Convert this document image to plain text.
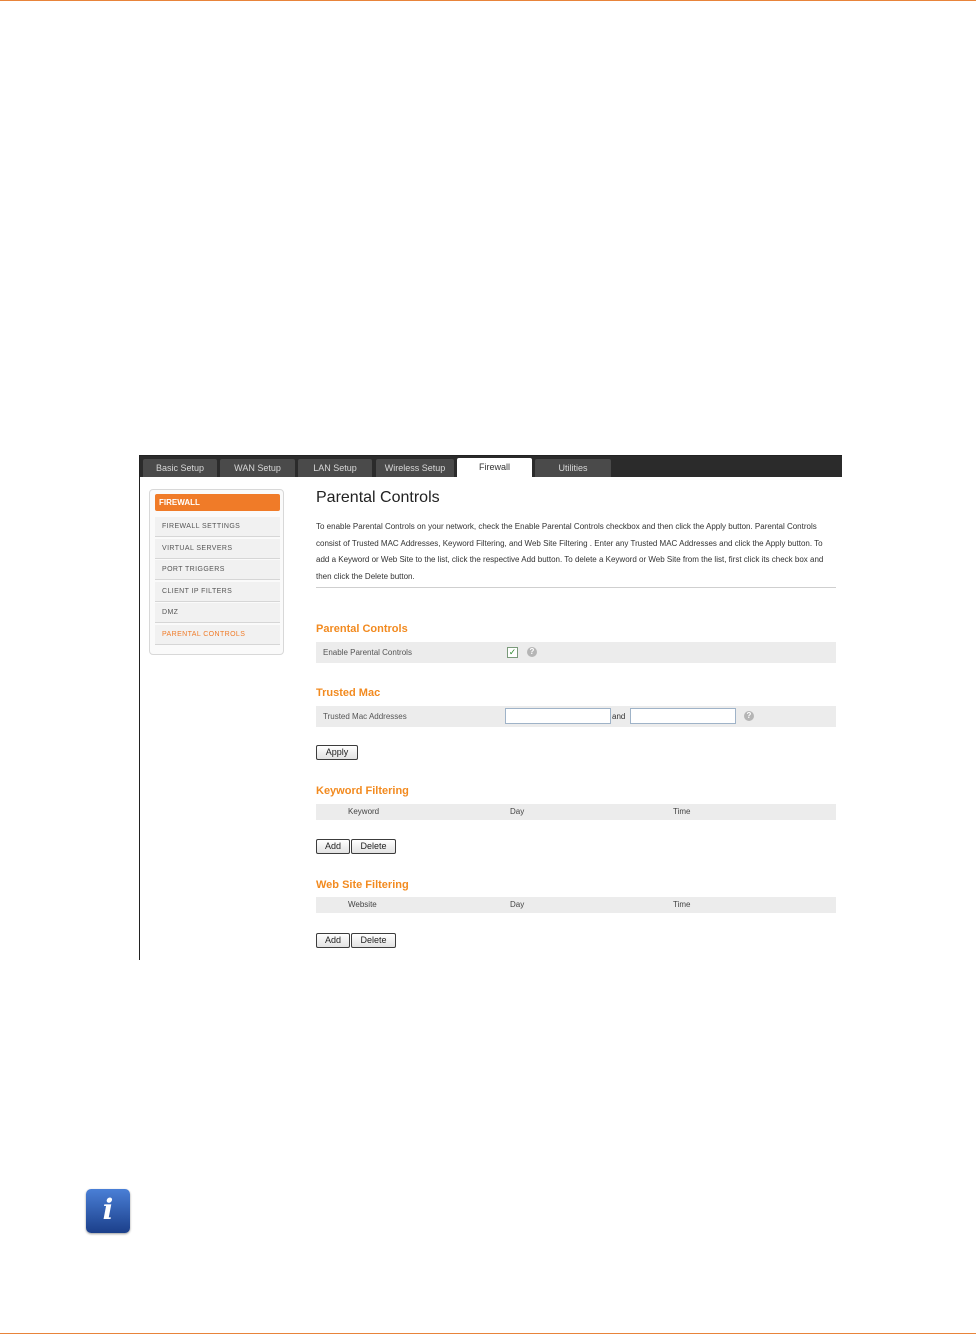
Basic Setup	WAN Setup	LAN Setup	Wireless Setup	Firewall	Utilities
FIREWALL
FIREWALL SETTINGS
VIRTUAL SERVERS
PORT TRIGGERS
CLIENT IP FILTERS
DMZ
PARENTAL CONTROLS
Parental Controls
To enable Parental Controls on your network, check the Enable Parental Controls checkbox and then click the Apply button. Parental Controls consist of Trusted MAC Addresses, Keyword Filtering, and Web Site Filtering . Enter any Trusted MAC Addresses and click the Apply button. To add a Keyword or Web Site to the list, click the respective Add button. To delete a Keyword or Web Site from the list, first click its check box and then click the Delete button.
Parental Controls
Enable Parental Controls	✓	?
Trusted Mac
Trusted Mac Addresses	and	?
Apply
Keyword Filtering
Keyword	Day	Time
Add	Delete
Web Site Filtering
Website	Day	Time
Add	Delete
i
